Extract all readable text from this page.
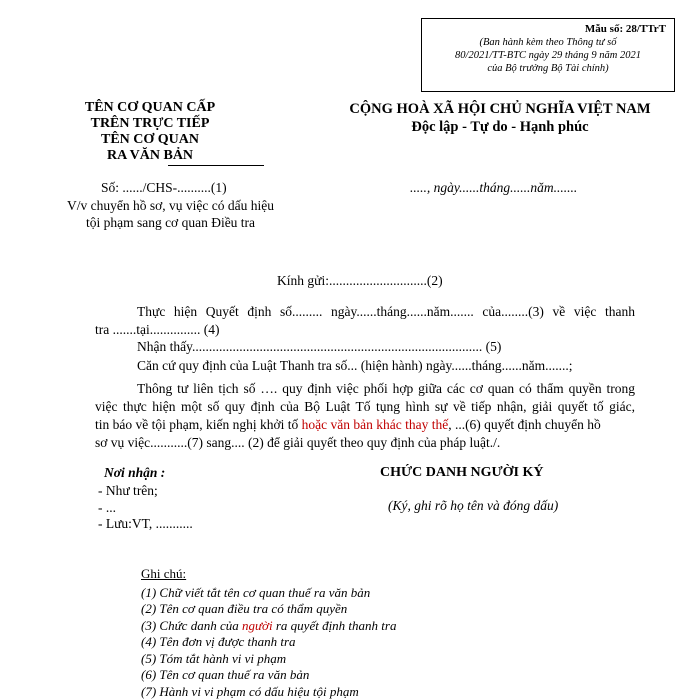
Mẫu số: 28/TTrT
(Ban hành kèm theo Thông tư số
80/2021/TT-BTC ngày 29 tháng 9 năm 2021
của Bộ trưởng Bộ Tài chính)
TÊN CƠ QUAN CẤP
TRÊN TRỰC TIẾP
TÊN CƠ QUAN
RA VĂN BẢN
CỘNG HOÀ XÃ HỘI CHỦ NGHĨA VIỆT NAM
Độc lập - Tự do - Hạnh phúc
Số: ....../CHS-..........(1)
V/v chuyển hồ sơ, vụ việc có dấu hiệu
tội phạm sang cơ quan Điều tra
....., ngày......tháng......năm.......
Kính gửi:.............................(2)
Thực hiện Quyết định số......... ngày......tháng......năm....... của........(3) về việc thanh
tra .......tại............... (4)
Nhận thấy...................................................................................... (5)
Căn cứ quy định của Luật Thanh tra số... (hiện hành) ngày......tháng......năm.......;
Thông tư liên tịch số …. quy định việc phối hợp giữa các cơ quan có thẩm quyền trong
việc thực hiện một số quy định của Bộ Luật Tố tụng hình sự về tiếp nhận, giải quyết tố giác,
tin báo về tội phạm, kiến nghị khởi tố hoặc văn bản khác thay thế, ...(6) quyết định chuyển hồ
sơ vụ việc...........(7) sang.... (2) để giải quyết theo quy định của pháp luật./.
Nơi nhận :
- Như trên;
- ...
- Lưu:VT, ...........
CHỨC DANH NGƯỜI KÝ
(Ký, ghi rõ họ tên và đóng dấu)
Ghi chú:
(1) Chữ viết tắt tên cơ quan thuế ra văn bản
(2) Tên cơ quan điều tra có thẩm quyền
(3) Chức danh của người ra quyết định thanh tra
(4) Tên đơn vị được thanh tra
(5) Tóm tắt hành vi vi phạm
(6) Tên cơ quan thuế ra văn bản
(7) Hành vi vi phạm có dấu hiệu tội phạm
